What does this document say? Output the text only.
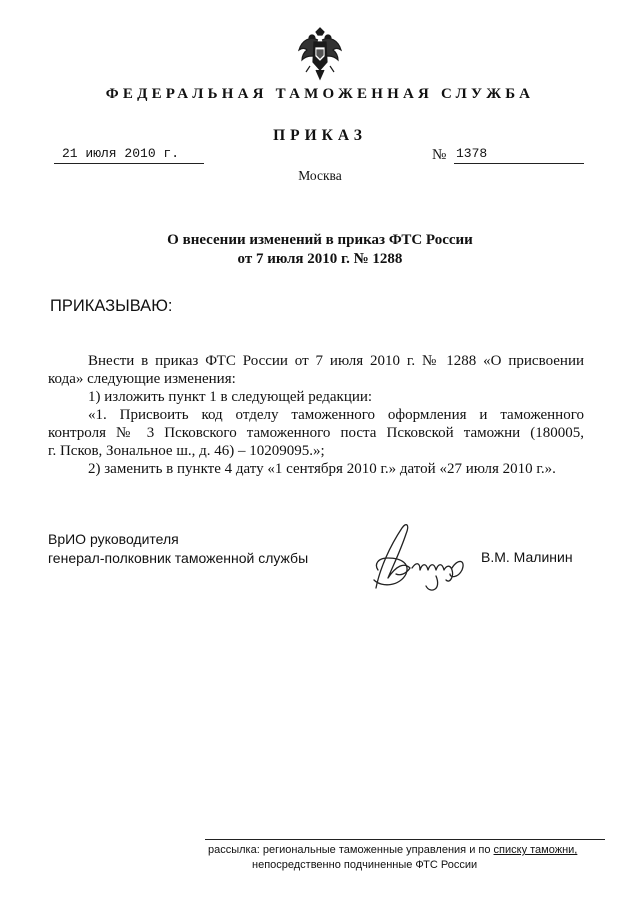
ФЕДЕРАЛЬНАЯ ТАМОЖЕННАЯ СЛУЖБА
ПРИКАЗ
21 июля 2010 г.	№ 1378
Москва
О внесении изменений в приказ ФТС России
от 7 июля 2010 г. № 1288
ПРИКАЗЫВАЮ:
Внести в приказ ФТС России от 7 июля 2010 г. № 1288 «О присвоении
кода» следующие изменения:
1) изложить пункт 1 в следующей редакции:
«1. Присвоить код отделу таможенного оформления и таможенного
контроля № 3 Псковского таможенного поста Псковской таможни (180005,
г. Псков, Зональное ш., д. 46) – 10209095.»;
2) заменить в пункте 4 дату «1 сентября 2010 г.» датой «27 июля 2010 г.».
ВрИО руководителя
генерал-полковник таможенной службы	В.М. Малинин
рассылка: региональные таможенные управления и по списку таможни,
непосредственно подчиненные ФТС России
